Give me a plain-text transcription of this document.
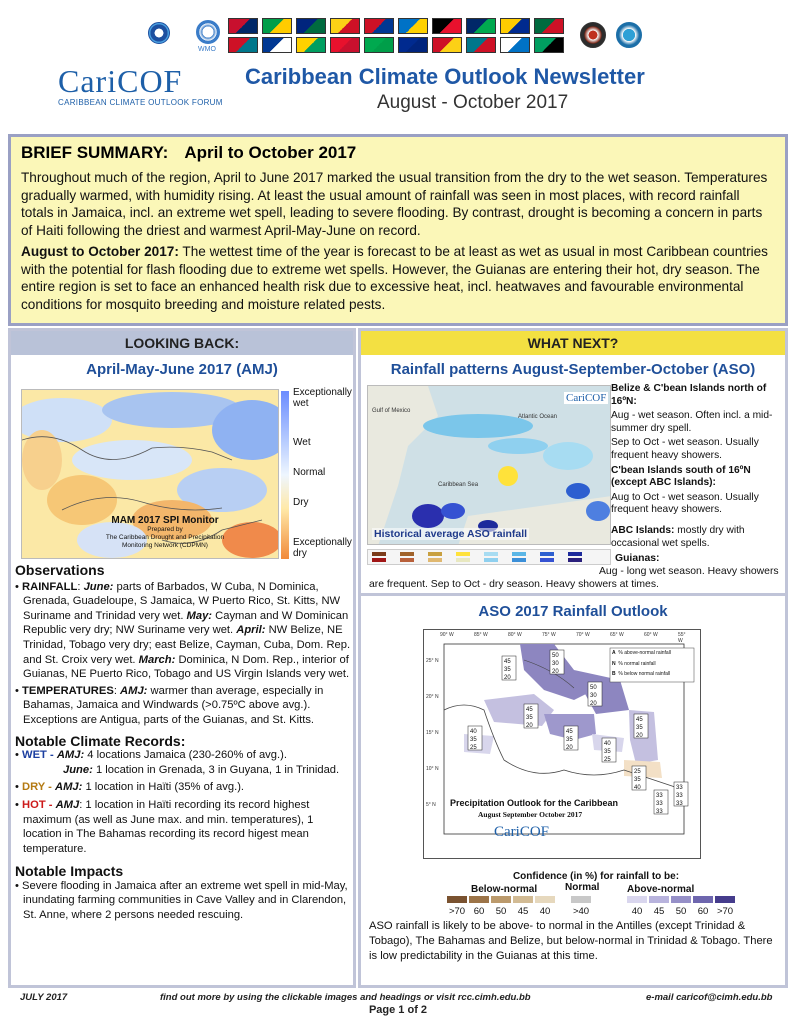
WMO
CariCOF
CARIBBEAN CLIMATE OUTLOOK FORUM
Caribbean Climate Outlook Newsletter
August - October 2017
BRIEF SUMMARY: April to October 2017

Throughout much of the region, April to June 2017 marked the usual transition from the dry to the wet season. Temperatures gradually warmed, with humidity rising. At least the usual amount of rainfall was seen in most places, with record rainfall totals in Jamaica, incl. an extreme wet spell, leading to severe flooding. By contrast, drought is becoming a concern in parts of Haiti following the driest and warmest April-May-June on record.

August to October 2017: The wettest time of the year is forecast to be at least as wet as usual in most Caribbean countries with the potential for flash flooding due to extreme wet spells. However, the Guianas are entering their hot, dry season. The entire region is set to face an enhanced health risk due to excessive heat, incl. heatwaves and favourable environmental conditions for mosquito breeding and moisture related pests.

LOOKING BACK:
April-May-June 2017 (AMJ)
Exceptionally wet
Wet
Normal
Dry
Exceptionally dry
MAM 2017 SPI Monitor
Prepared by
The Caribbean Drought and Precipitation
Monitoring Network (CDPMN)
Observations
• RAINFALL: June: parts of Barbados, W Cuba, N Dominica, Grenada, Guadeloupe, S Jamaica, W Puerto Rico, St. Kitts, NW Suriname and Trinidad very wet. May: Cayman and W Dominican Republic very dry; NW Suriname very wet. April: NW Belize, NE Trinidad, Tobago very dry; east Belize, Cayman, Cuba, Dom. Rep. and St. Croix very wet. March: Dominica, N Dom. Rep., interior of Guianas, NE Puerto Rico, Tobago and US Virgin Islands very wet.
• TEMPERATURES: AMJ: warmer than average, especially in Bahamas, Jamaica and Windwards (>0.75ºC above avg.). Exceptions are Antigua, parts of the Guianas, and St. Kitts.
Notable Climate Records:
• WET - AMJ: 4 locations Jamaica (230-260% of avg.).
June: 1 location in Grenada, 3 in Guyana, 1 in Trinidad.
• DRY - AMJ: 1 location in Haïti (35% of avg.).
• HOT - AMJ: 1 location in Haïti recording its record highest maximum (as well as June max. and min. temperatures), 1 location in The Bahamas recording its record higest mean temperature.
Notable Impacts
• Severe flooding in Jamaica after an extreme wet spell in mid-May, inundating farming communities in Cave Valley and in Clarendon, St. Anne, where 2 persons needed rescuing.
WHAT NEXT?
Rainfall patterns August-September-October (ASO)
Gulf of Mexico
Atlantic Ocean
Caribbean Sea
CariCOF
Historical average ASO rainfall
Belize & C'bean Islands north of 16ºN:
Aug - wet season. Often incl. a mid-summer dry spell.
Sep to Oct - wet season. Usually frequent heavy showers.
C'bean Islands south of 16ºN (except ABC Islands):
Aug to Oct - wet season. Usually frequent heavy showers.
ABC Islands: mostly dry with occasional wet spells.
Guianas:
Aug - long wet season. Heavy showers are frequent. Sep to Oct - dry season. Heavy showers at times.
ASO 2017 Rainfall Outlook
50
30
20
45
35
20
50
30
20
45
35
20
40
35
25
45
35
20
40
35
25
45
35
20
25
35
40
33
33
33
33
33
33
A % above-normal rainfall
N % normal rainfall
B % below normal rainfall
90° W	85° W	80° W	75° W	70° W	65° W	60° W	55° W
25° N
20° N
15° N
10° N
5° N Precipitation Outlook for the Caribbean
August September October 2017
CariCOF
Confidence (in %) for rainfall to be:
Below-normal	Normal	Above-normal
>70 60	50	45	40	>40	40	45	50	60 >70
ASO rainfall is likely to be above- to normal in the Antilles (except Trinidad & Tobago), The Bahamas and Belize, but below-normal in Trinidad & Tobago. There is low predictability in the Guianas at this time.
JULY 2017	find out more by using the clickable images and headings or visit rcc.cimh.edu.bb	e-mail caricof@cimh.edu.bb
Page 1 of 2
